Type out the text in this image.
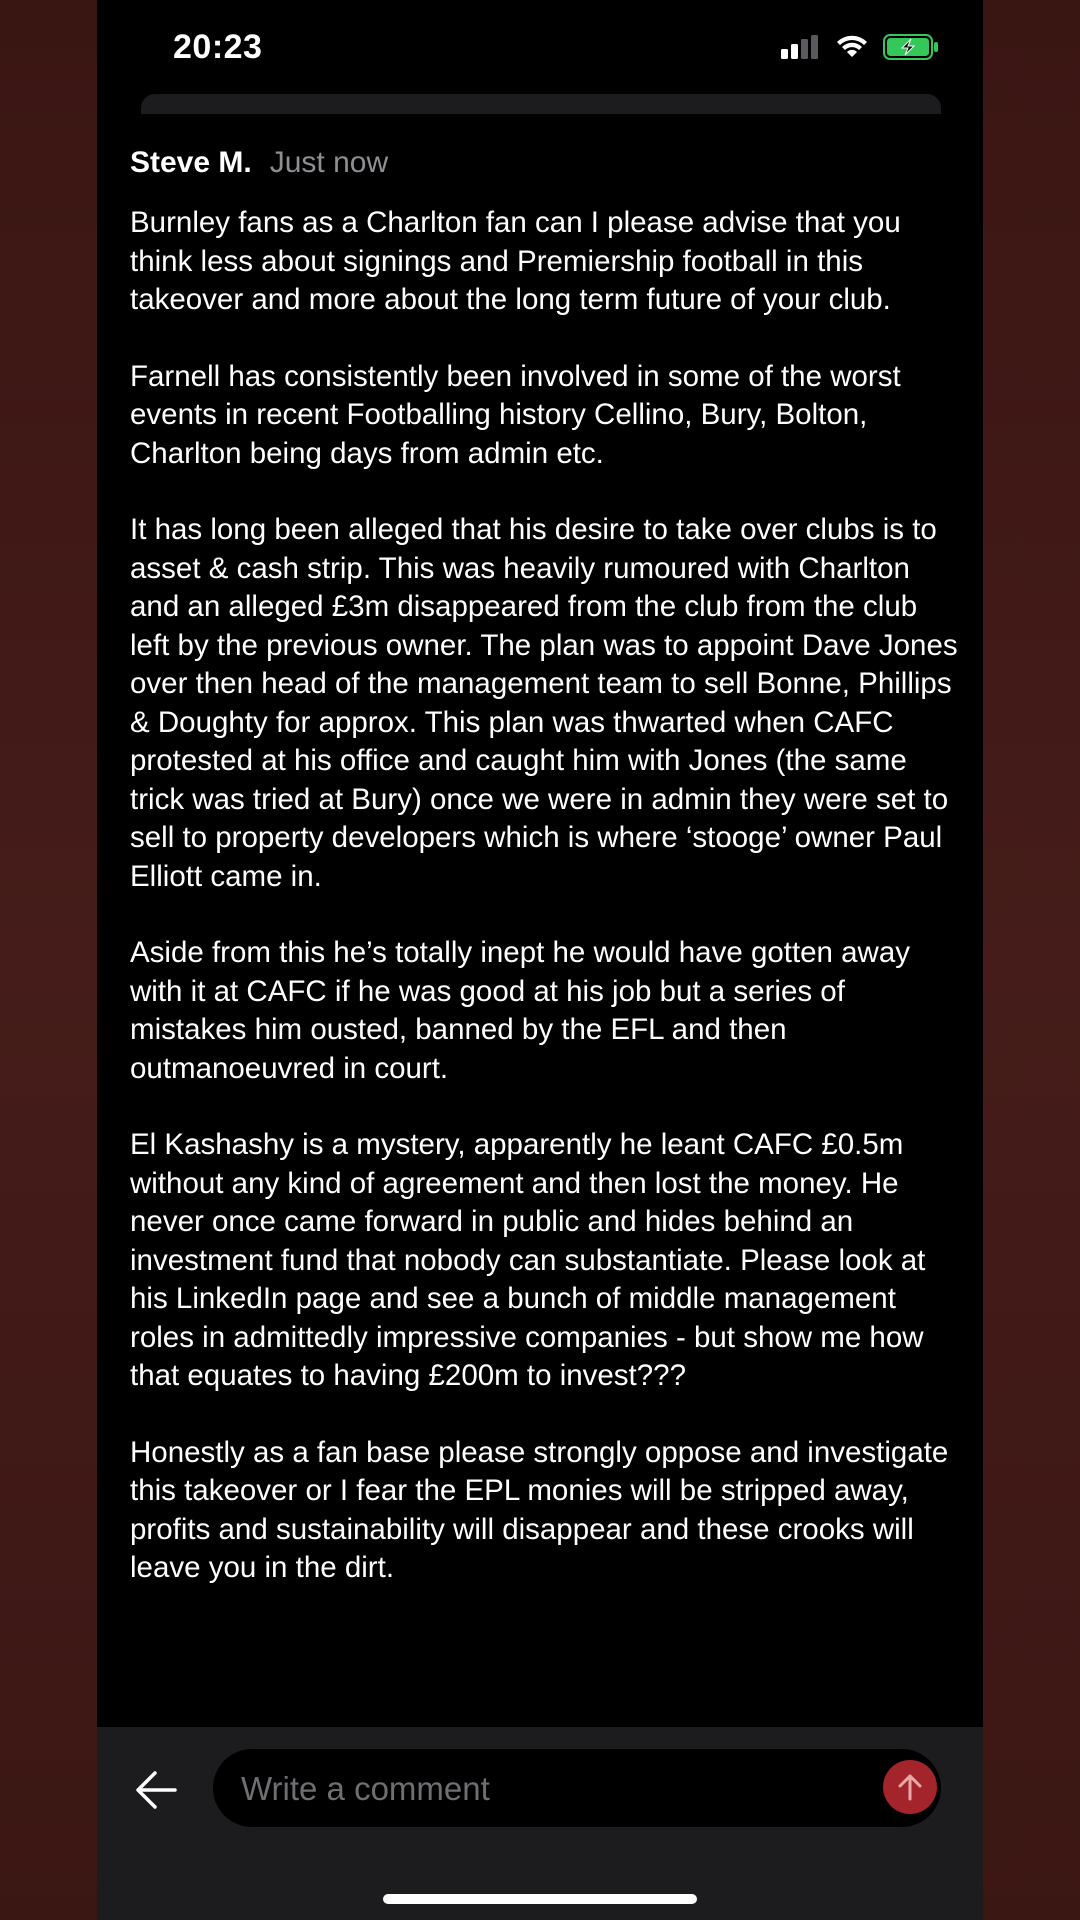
20:23
Steve M. Just now

Burnley fans as a Charlton fan can I please advise that you think less about signings and Premiership football in this takeover and more about the long term future of your club.

Farnell has consistently been involved in some of the worst events in recent Footballing history Cellino, Bury, Bolton, Charlton being days from admin etc.

It has long been alleged that his desire to take over clubs is to asset & cash strip. This was heavily rumoured with Charlton and an alleged £3m disappeared from the club from the club left by the previous owner. The plan was to appoint Dave Jones over then head of the management team to sell Bonne, Phillips & Doughty for approx. This plan was thwarted when CAFC protested at his office and caught him with Jones (the same trick was tried at Bury) once we were in admin they were set to sell to property developers which is where ‘stooge’ owner Paul Elliott came in.

Aside from this he’s totally inept he would have gotten away with it at CAFC if he was good at his job but a series of mistakes him ousted, banned by the EFL and then outmanoeuvred in court.

El Kashashy is a mystery, apparently he leant CAFC £0.5m without any kind of agreement and then lost the money. He never once came forward in public and hides behind an investment fund that nobody can substantiate. Please look at his LinkedIn page and see a bunch of middle management roles in admittedly impressive companies - but show me how that equates to having £200m to invest???

Honestly as a fan base please strongly oppose and investigate this takeover or I fear the EPL monies will be stripped away, profits and sustainability will disappear and these crooks will leave you in the dirt.

Write a comment
